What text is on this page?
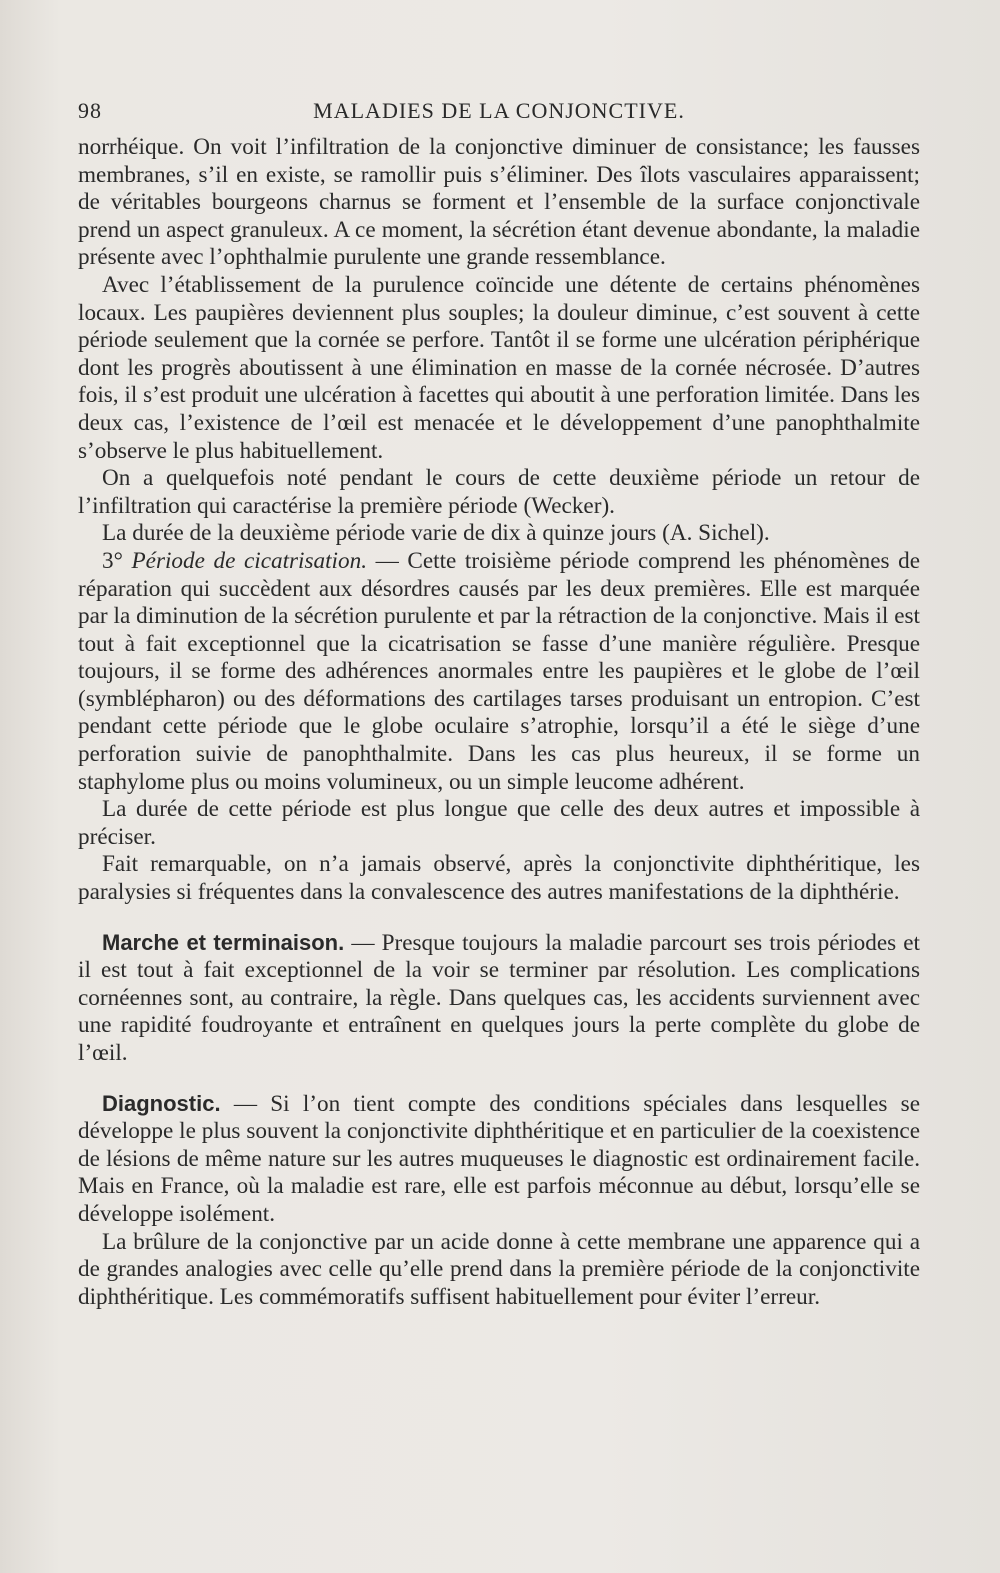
98	MALADIES DE LA CONJONCTIVE.

norrhéique. On voit l’infiltration de la conjonctive diminuer de consistance; les fausses membranes, s’il en existe, se ramollir puis s’éliminer. Des îlots vasculaires apparaissent; de véritables bourgeons charnus se forment et l’ensemble de la surface conjonctivale prend un aspect granuleux. A ce moment, la sécrétion étant devenue abondante, la maladie présente avec l’ophthalmie purulente une grande ressemblance.

Avec l’établissement de la purulence coïncide une détente de certains phénomènes locaux. Les paupières deviennent plus souples; la douleur diminue, c’est souvent à cette période seulement que la cornée se perfore. Tantôt il se forme une ulcération périphérique dont les progrès aboutissent à une élimination en masse de la cornée nécrosée. D’autres fois, il s’est produit une ulcération à facettes qui aboutit à une perforation limitée. Dans les deux cas, l’existence de l’œil est menacée et le développement d’une panophthalmite s’observe le plus habituellement.

On a quelquefois noté pendant le cours de cette deuxième période un retour de l’infiltration qui caractérise la première période (Wecker).

La durée de la deuxième période varie de dix à quinze jours (A. Sichel).

3° Période de cicatrisation. — Cette troisième période comprend les phénomènes de réparation qui succèdent aux désordres causés par les deux premières. Elle est marquée par la diminution de la sécrétion purulente et par la rétraction de la conjonctive. Mais il est tout à fait exceptionnel que la cicatrisation se fasse d’une manière régulière. Presque toujours, il se forme des adhérences anormales entre les paupières et le globe de l’œil (symblépharon) ou des déformations des cartilages tarses produisant un entropion. C’est pendant cette période que le globe oculaire s’atrophie, lorsqu’il a été le siège d’une perforation suivie de panophthalmite. Dans les cas plus heureux, il se forme un staphylome plus ou moins volumineux, ou un simple leucome adhérent.

La durée de cette période est plus longue que celle des deux autres et impossible à préciser.

Fait remarquable, on n’a jamais observé, après la conjonctivite diphthéritique, les paralysies si fréquentes dans la convalescence des autres manifestations de la diphthérie.

Marche et terminaison. — Presque toujours la maladie parcourt ses trois périodes et il est tout à fait exceptionnel de la voir se terminer par résolution. Les complications cornéennes sont, au contraire, la règle. Dans quelques cas, les accidents surviennent avec une rapidité foudroyante et entraînent en quelques jours la perte complète du globe de l’œil.

Diagnostic. — Si l’on tient compte des conditions spéciales dans lesquelles se développe le plus souvent la conjonctivite diphthéritique et en particulier de la coexistence de lésions de même nature sur les autres muqueuses le diagnostic est ordinairement facile. Mais en France, où la maladie est rare, elle est parfois méconnue au début, lorsqu’elle se développe isolément.

La brûlure de la conjonctive par un acide donne à cette membrane une apparence qui a de grandes analogies avec celle qu’elle prend dans la première période de la conjonctivite diphthéritique. Les commémoratifs suffisent habituellement pour éviter l’erreur.
